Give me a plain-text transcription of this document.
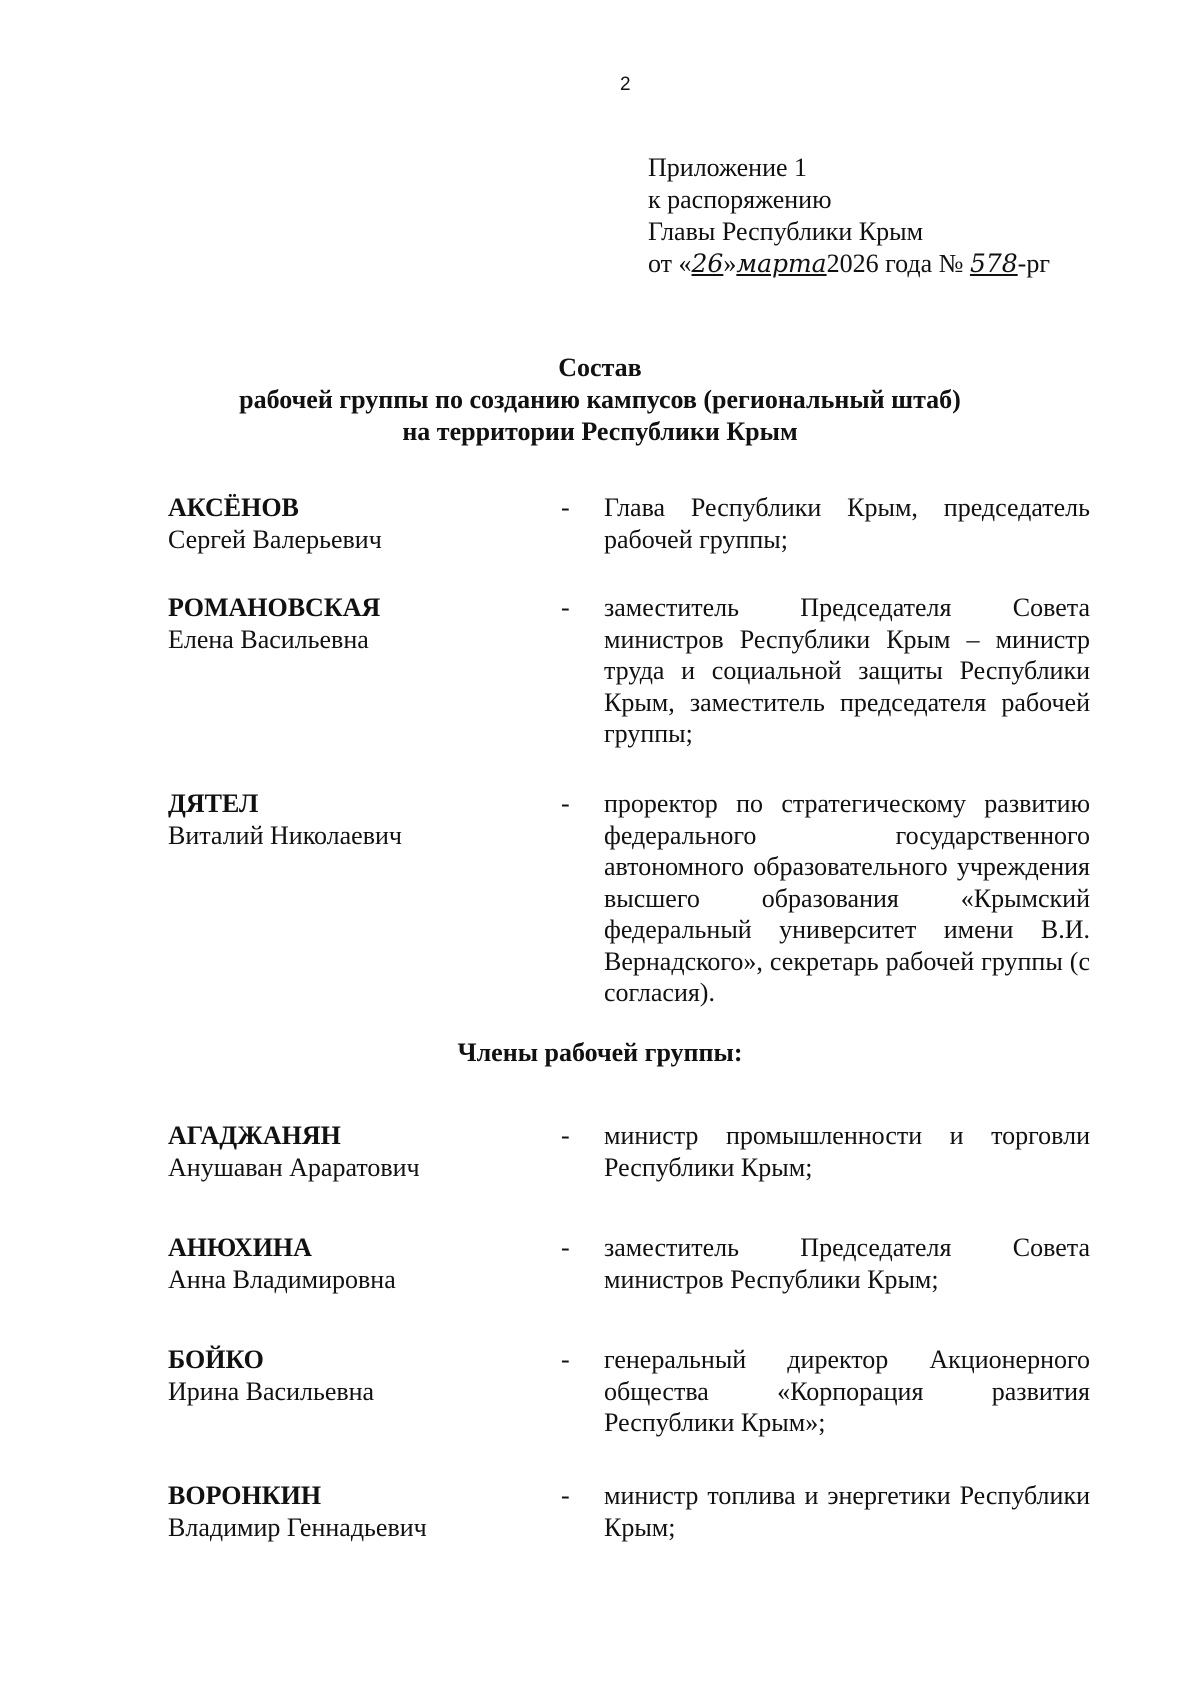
2
Приложение 1
к распоряжению
Главы Республики Крым
от «26»марта2026 года № 578-рг
Состав
рабочей группы по созданию кампусов (региональный штаб)
на территории Республики Крым
АКСЁНОВ
Сергей Валерьевич
- Глава Республики Крым, председатель рабочей группы;
РОМАНОВСКАЯ
Елена Васильевна
- заместитель Председателя Совета министров Республики Крым – министр труда и социальной защиты Республики Крым, заместитель председателя рабочей группы;
ДЯТЕЛ
Виталий Николаевич
- проректор по стратегическому развитию федерального государственного автономного образовательного учреждения высшего образования «Крымский федеральный университет имени В.И. Вернадского», секретарь рабочей группы (с согласия).
Члены рабочей группы:
АГАДЖАНЯН
Анушаван Араратович
- министр промышленности и торговли Республики Крым;
АНЮХИНА
Анна Владимировна
- заместитель Председателя Совета министров Республики Крым;
БОЙКО
Ирина Васильевна
- генеральный директор Акционерного общества «Корпорация развития Республики Крым»;
ВОРОНКИН
Владимир Геннадьевич
- министр топлива и энергетики Республики Крым;
